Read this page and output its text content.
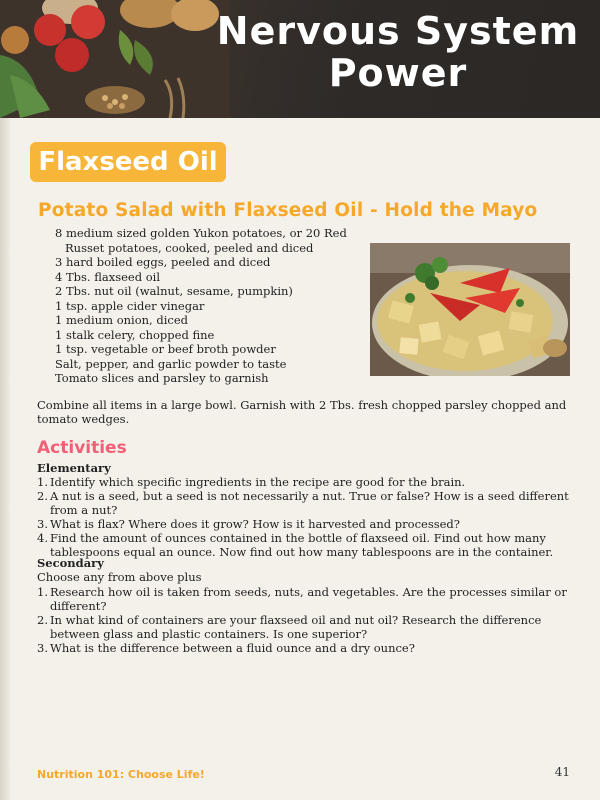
Nervous System
Power
Flaxseed Oil
Potato Salad with Flaxseed Oil - Hold the Mayo
8 medium sized golden Yukon potatoes, or 20 Red Russet potatoes, cooked, peeled and diced
3 hard boiled eggs, peeled and diced
4 Tbs. flaxseed oil
2 Tbs. nut oil (walnut, sesame, pumpkin)
1 tsp. apple cider vinegar
1 medium onion, diced
1 stalk celery, chopped fine
1 tsp. vegetable or beef broth powder
Salt, pepper, and garlic powder to taste
Tomato slices and parsley to garnish

Combine all items in a large bowl. Garnish with 2 Tbs. fresh chopped parsley chopped and tomato wedges.

Activities
Elementary
1. Identify which specific ingredients in the recipe are good for the brain.
2. A nut is a seed, but a seed is not necessarily a nut. True or false? How is a seed different from a nut?
3. What is flax? Where does it grow? How is it harvested and processed?
4. Find the amount of ounces contained in the bottle of flaxseed oil. Find out how many tablespoons equal an ounce. Now find out how many tablespoons are in the container.
Secondary
Choose any from above plus
1. Research how oil is taken from seeds, nuts, and vegetables. Are the processes similar or different?
2. In what kind of containers are your flaxseed oil and nut oil? Research the difference between glass and plastic containers. Is one superior?
3. What is the difference between a fluid ounce and a dry ounce?
Nutrition 101: Choose Life!	41
